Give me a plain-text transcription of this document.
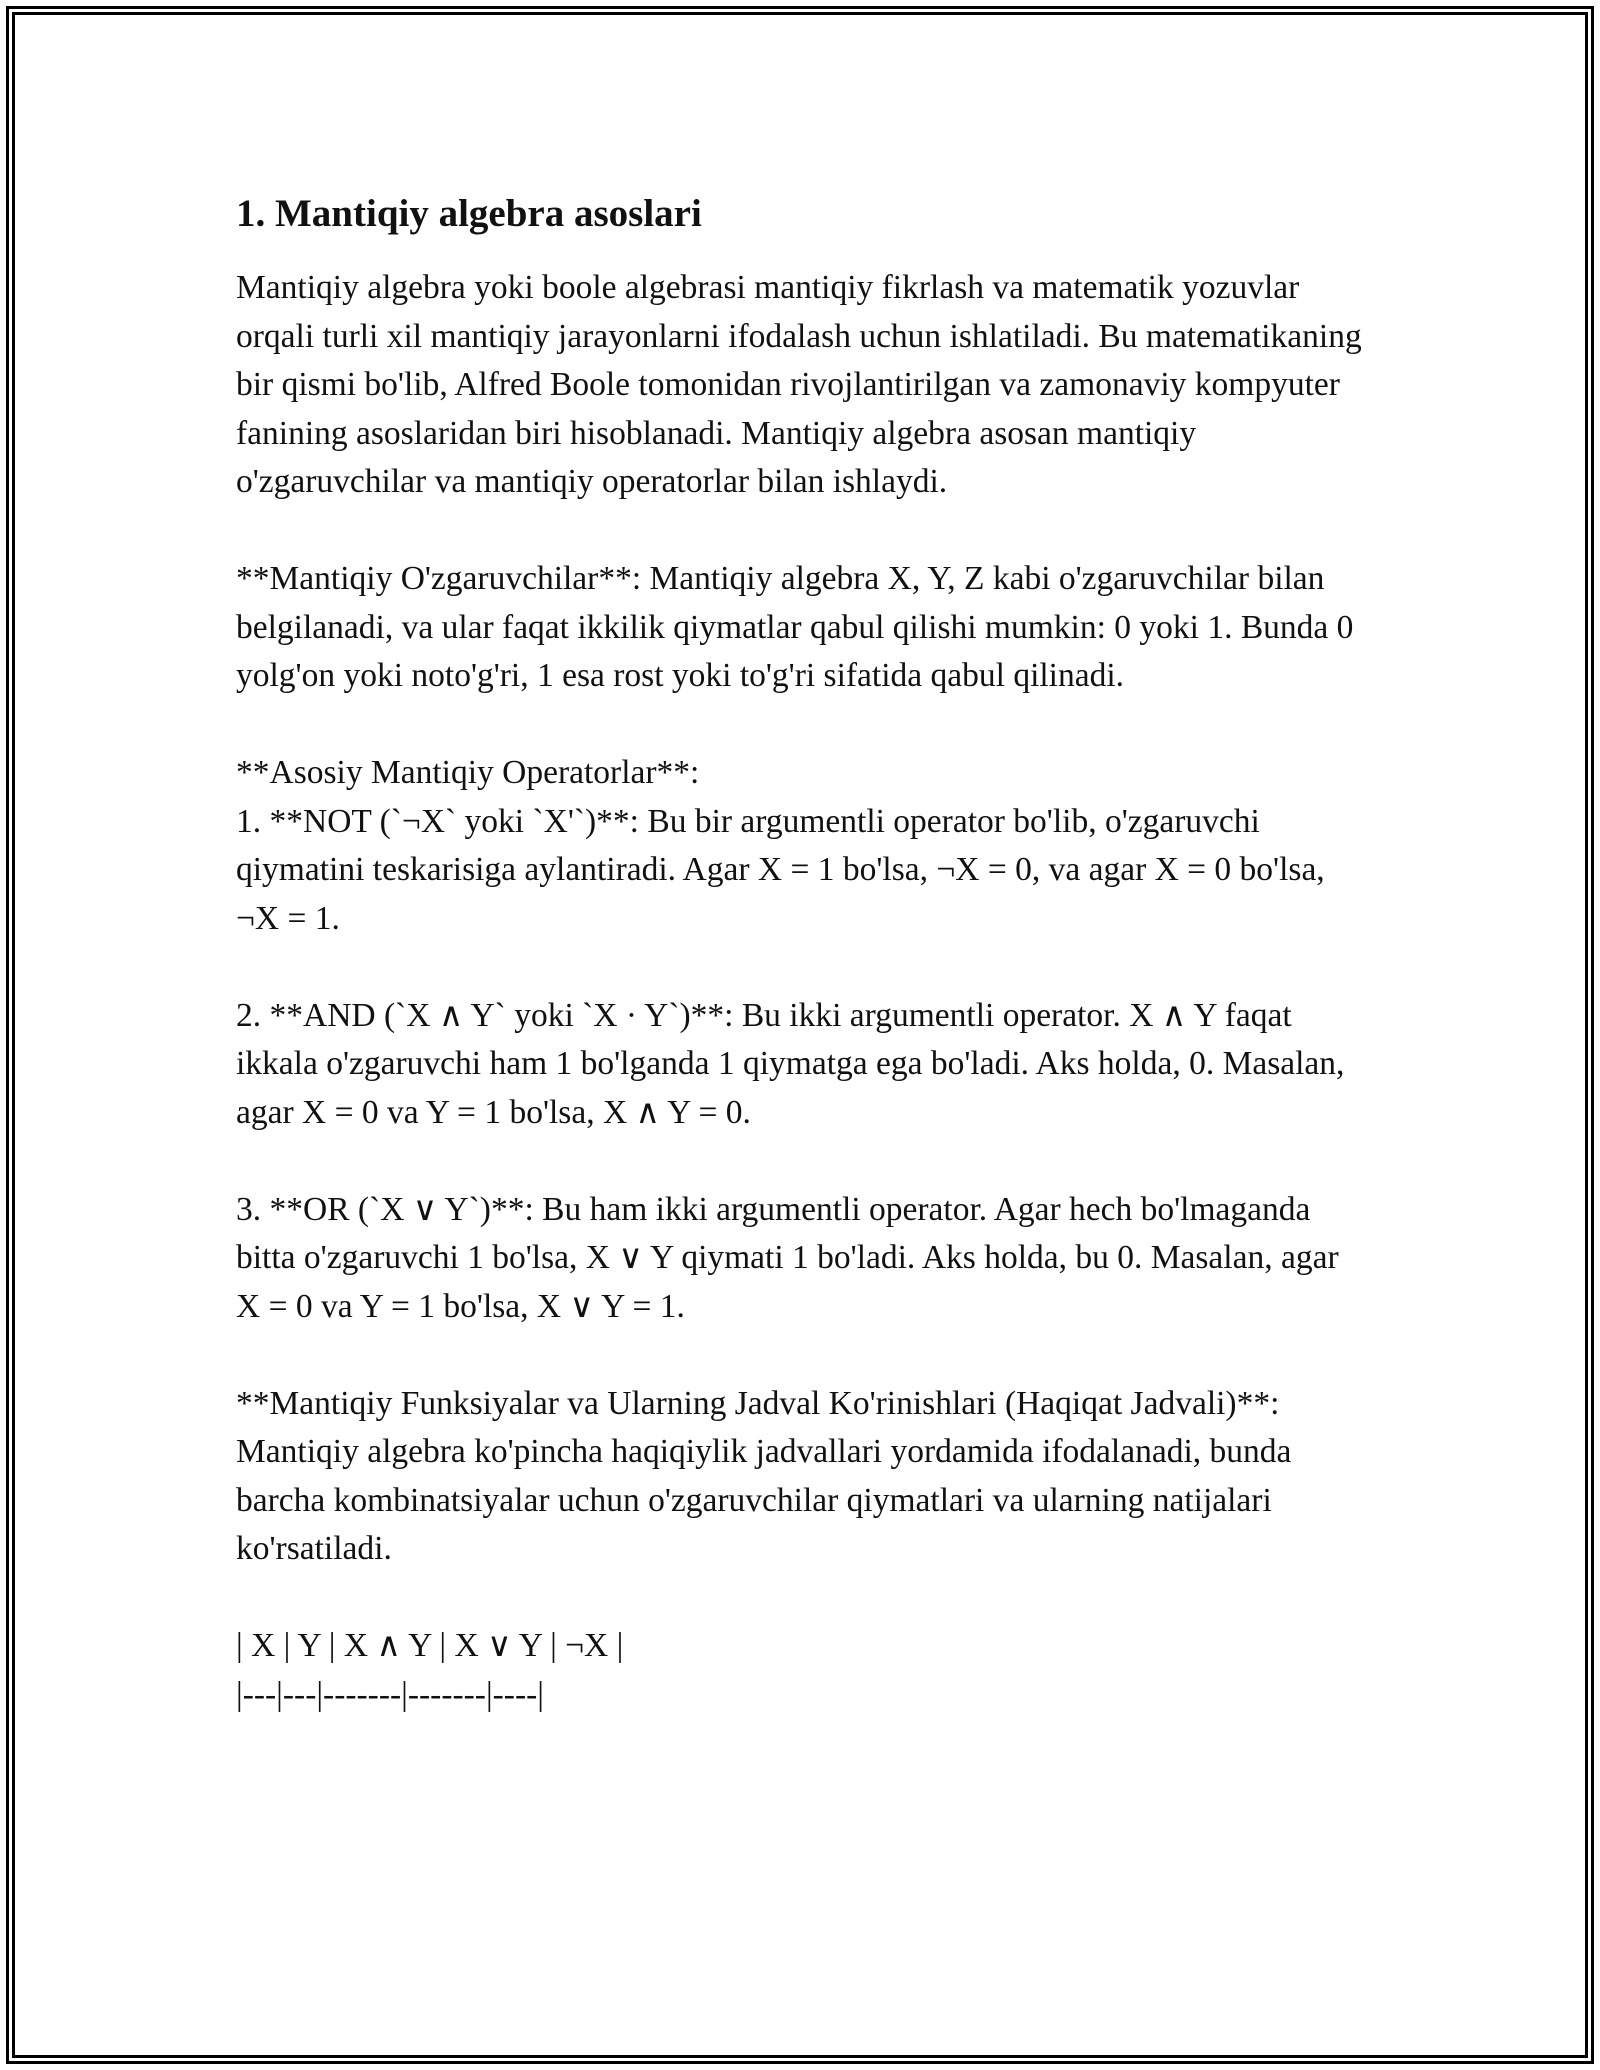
1. Mantiqiy algebra asoslari

Mantiqiy algebra yoki boole algebrasi mantiqiy fikrlash va matematik yozuvlar orqali turli xil mantiqiy jarayonlarni ifodalash uchun ishlatiladi. Bu matematikaning bir qismi bo'lib, Alfred Boole tomonidan rivojlantirilgan va zamonaviy kompyuter fanining asoslaridan biri hisoblanadi. Mantiqiy algebra asosan mantiqiy o'zgaruvchilar va mantiqiy operatorlar bilan ishlaydi.

**Mantiqiy O'zgaruvchilar**: Mantiqiy algebra X, Y, Z kabi o'zgaruvchilar bilan belgilanadi, va ular faqat ikkilik qiymatlar qabul qilishi mumkin: 0 yoki 1. Bunda 0 yolg'on yoki noto'g'ri, 1 esa rost yoki to'g'ri sifatida qabul qilinadi.

**Asosiy Mantiqiy Operatorlar**:

1. **NOT (`¬X` yoki `X'`)**: Bu bir argumentli operator bo'lib, o'zgaruvchi qiymatini teskarisiga aylantiradi. Agar X = 1 bo'lsa, ¬X = 0, va agar X = 0 bo'lsa, ¬X = 1.

2. **AND (`X ∧ Y` yoki `X · Y`)**: Bu ikki argumentli operator. X ∧ Y faqat ikkala o'zgaruvchi ham 1 bo'lganda 1 qiymatga ega bo'ladi. Aks holda, 0. Masalan, agar X = 0 va Y = 1 bo'lsa, X ∧ Y = 0.

3. **OR (`X ∨ Y`)**: Bu ham ikki argumentli operator. Agar hech bo'lmaganda bitta o'zgaruvchi 1 bo'lsa, X ∨ Y qiymati 1 bo'ladi. Aks holda, bu 0. Masalan, agar X = 0 va Y = 1 bo'lsa, X ∨ Y = 1.

**Mantiqiy Funksiyalar va Ularning Jadval Ko'rinishlari (Haqiqat Jadvali)**:

Mantiqiy algebra ko'pincha haqiqiylik jadvallari yordamida ifodalanadi, bunda barcha kombinatsiyalar uchun o'zgaruvchilar qiymatlari va ularning natijalari ko'rsatiladi.

| X | Y | X ∧ Y | X ∨ Y | ¬X |

|---|---|-------|-------|----|
